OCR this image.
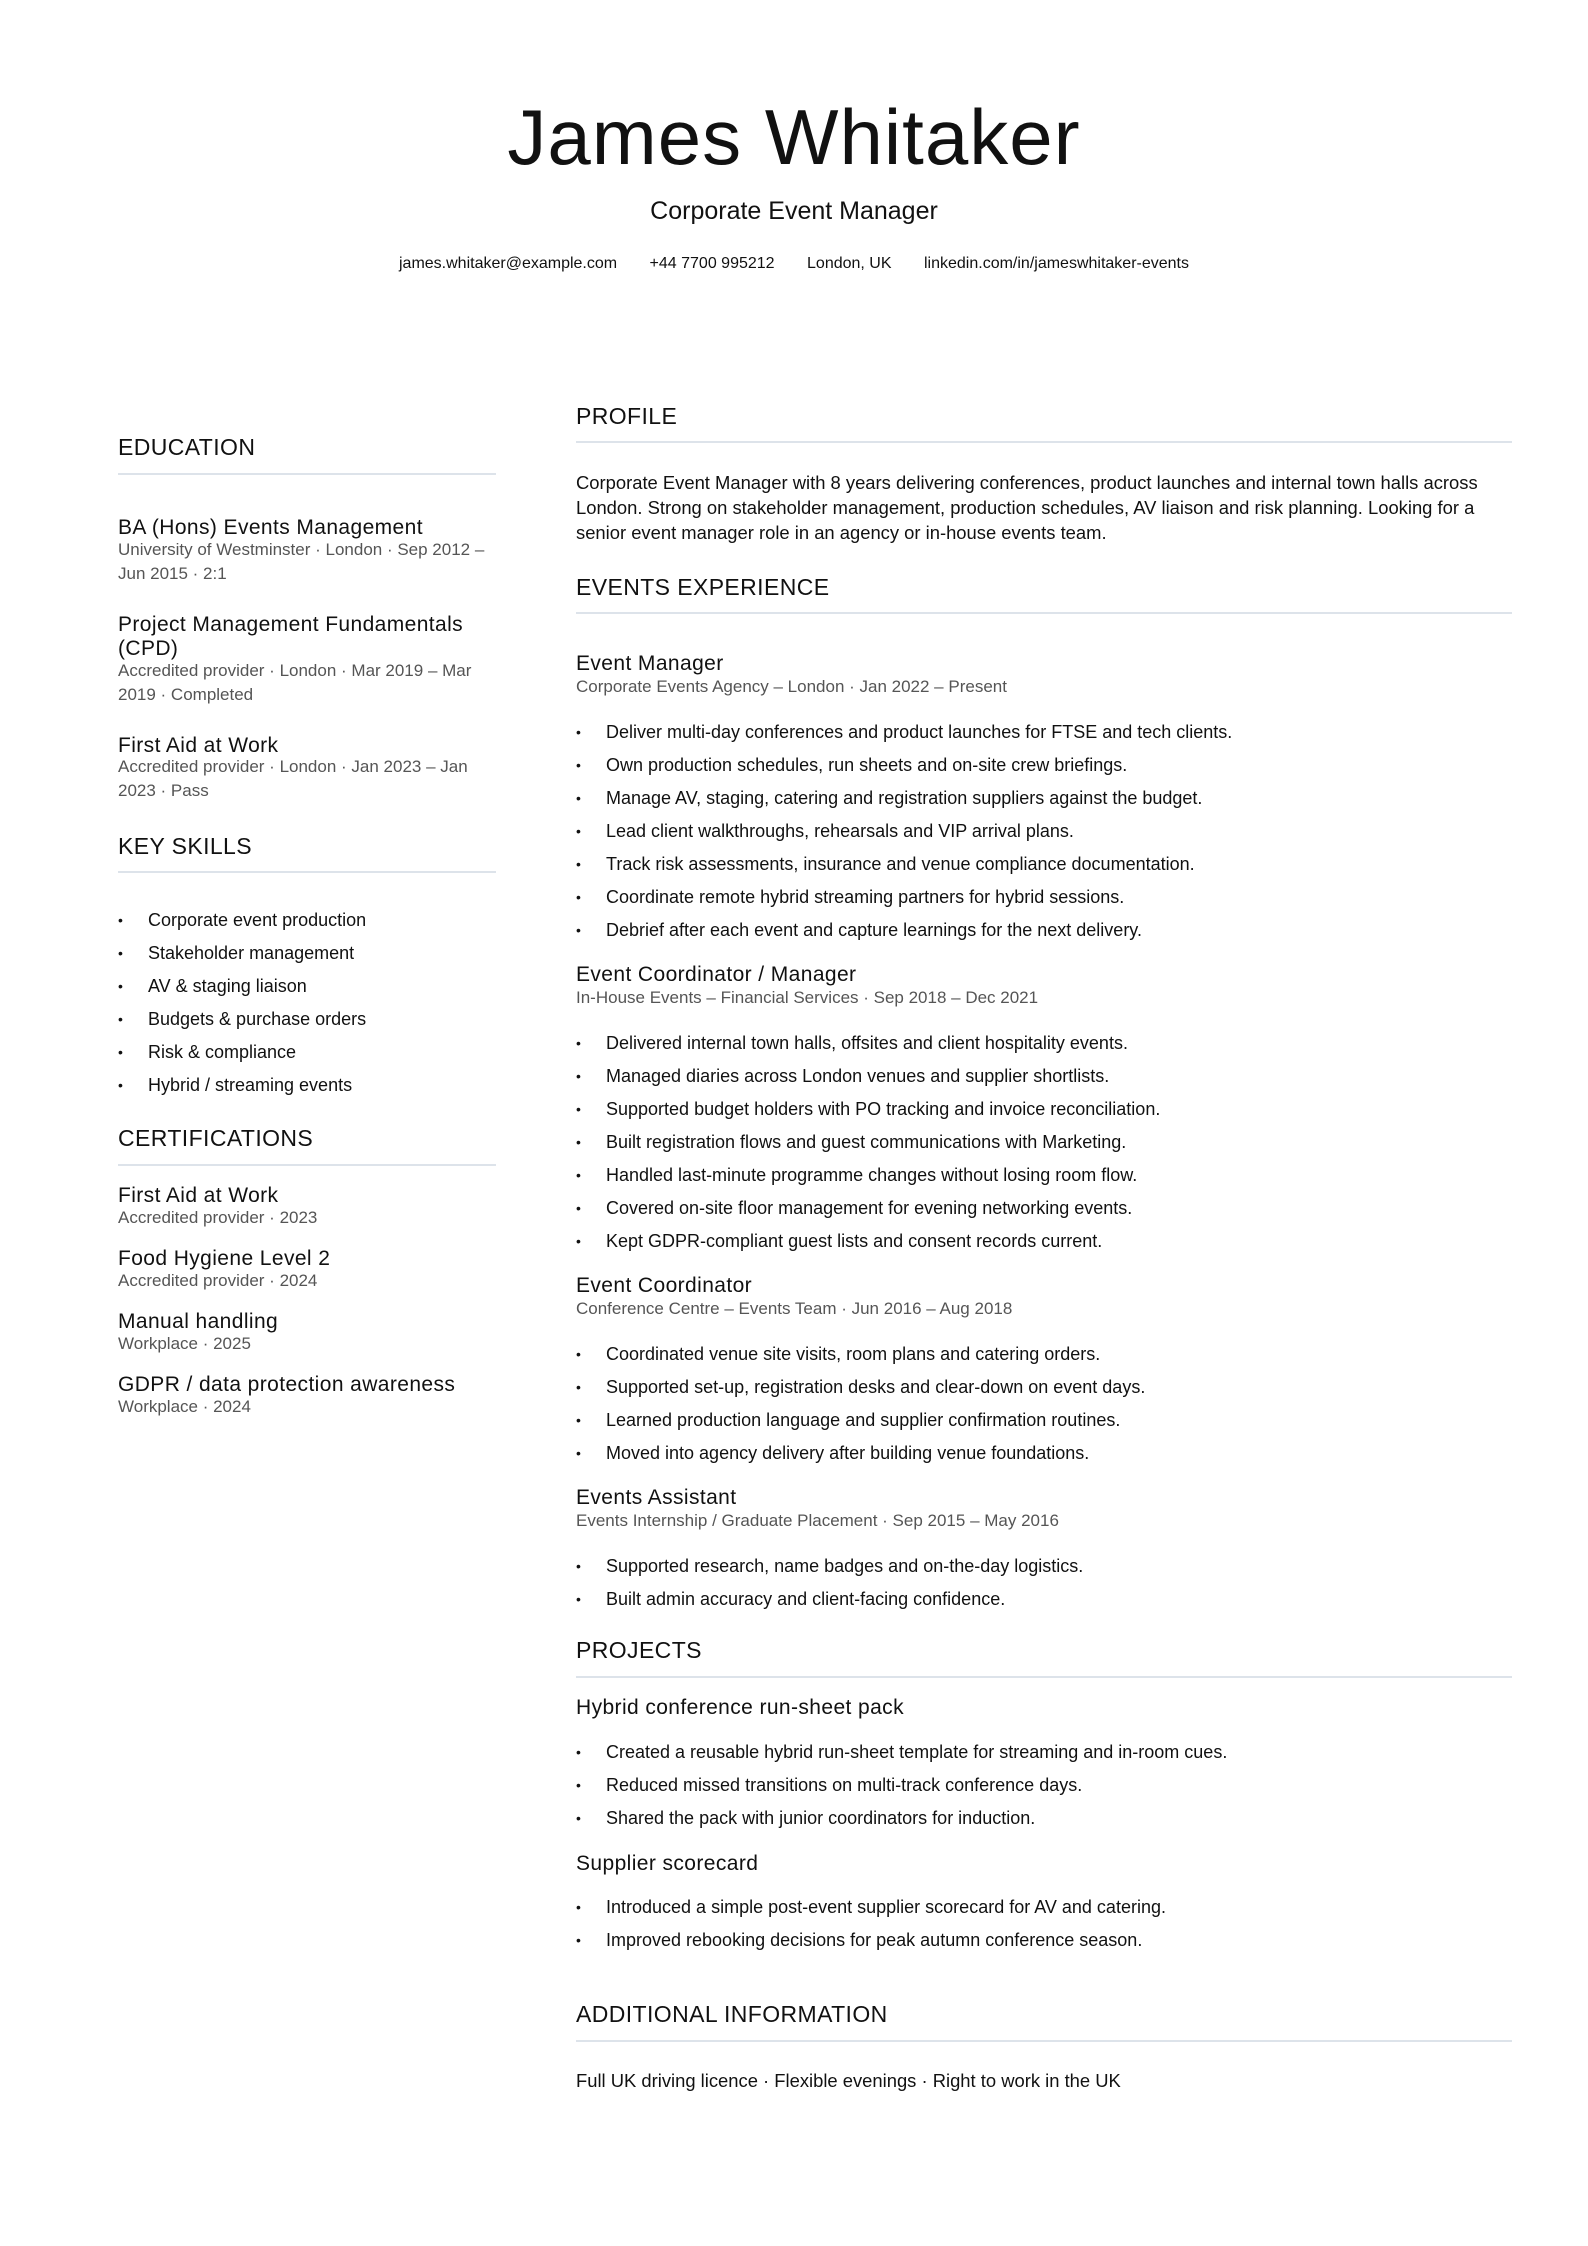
James Whitaker
Corporate Event Manager
james.whitaker@example.com +44 7700 995212 London, UK linkedin.com/in/jameswhitaker-events
EDUCATION
BA (Hons) Events Management
University of Westminster · London · Sep 2012 – Jun 2015 · 2:1
Project Management Fundamentals (CPD)
Accredited provider · London · Mar 2019 – Mar 2019 · Completed
First Aid at Work
Accredited provider · London · Jan 2023 – Jan 2023 · Pass
KEY SKILLS
• Corporate event production
• Stakeholder management
• AV & staging liaison
• Budgets & purchase orders
• Risk & compliance
• Hybrid / streaming events
CERTIFICATIONS
First Aid at Work
Accredited provider · 2023
Food Hygiene Level 2
Accredited provider · 2024
Manual handling
Workplace · 2025
GDPR / data protection awareness
Workplace · 2024
PROFILE
Corporate Event Manager with 8 years delivering conferences, product launches and internal town halls across London. Strong on stakeholder management, production schedules, AV liaison and risk planning. Looking for a senior event manager role in an agency or in-house events team.
EVENTS EXPERIENCE
Event Manager
Corporate Events Agency – London · Jan 2022 – Present
• Deliver multi-day conferences and product launches for FTSE and tech clients.
• Own production schedules, run sheets and on-site crew briefings.
• Manage AV, staging, catering and registration suppliers against the budget.
• Lead client walkthroughs, rehearsals and VIP arrival plans.
• Track risk assessments, insurance and venue compliance documentation.
• Coordinate remote hybrid streaming partners for hybrid sessions.
• Debrief after each event and capture learnings for the next delivery.
Event Coordinator / Manager
In-House Events – Financial Services · Sep 2018 – Dec 2021
• Delivered internal town halls, offsites and client hospitality events.
• Managed diaries across London venues and supplier shortlists.
• Supported budget holders with PO tracking and invoice reconciliation.
• Built registration flows and guest communications with Marketing.
• Handled last-minute programme changes without losing room flow.
• Covered on-site floor management for evening networking events.
• Kept GDPR-compliant guest lists and consent records current.
Event Coordinator
Conference Centre – Events Team · Jun 2016 – Aug 2018
• Coordinated venue site visits, room plans and catering orders.
• Supported set-up, registration desks and clear-down on event days.
• Learned production language and supplier confirmation routines.
• Moved into agency delivery after building venue foundations.
Events Assistant
Events Internship / Graduate Placement · Sep 2015 – May 2016
• Supported research, name badges and on-the-day logistics.
• Built admin accuracy and client-facing confidence.
PROJECTS
Hybrid conference run-sheet pack
• Created a reusable hybrid run-sheet template for streaming and in-room cues.
• Reduced missed transitions on multi-track conference days.
• Shared the pack with junior coordinators for induction.
Supplier scorecard
• Introduced a simple post-event supplier scorecard for AV and catering.
• Improved rebooking decisions for peak autumn conference season.
ADDITIONAL INFORMATION
Full UK driving licence · Flexible evenings · Right to work in the UK
